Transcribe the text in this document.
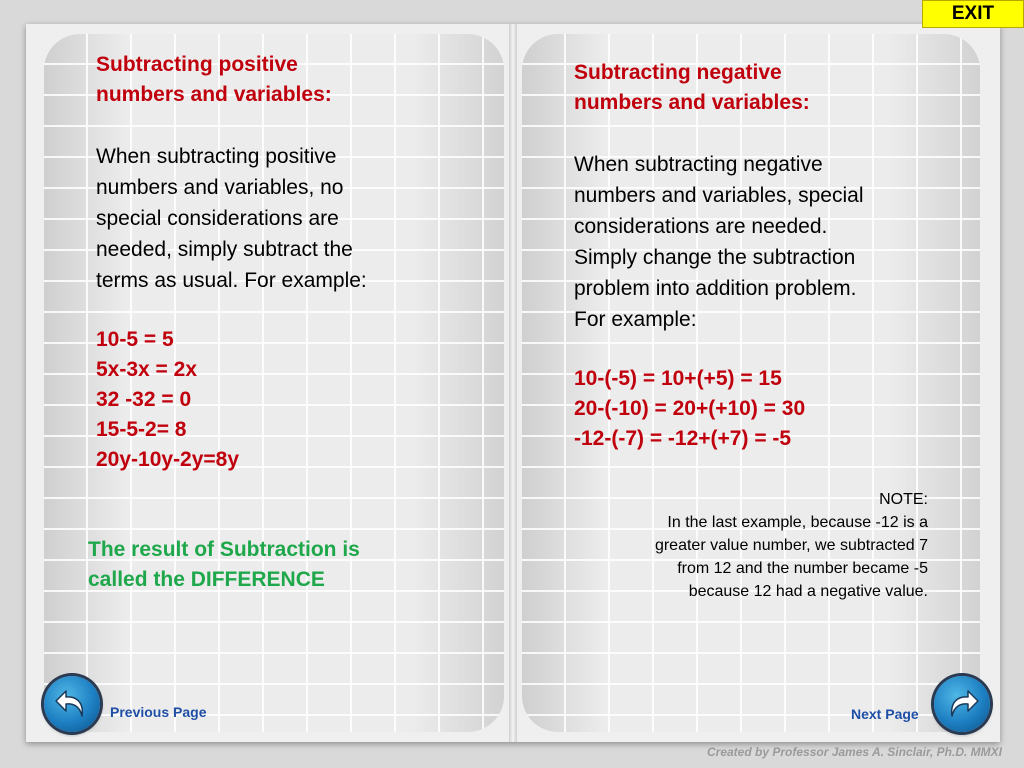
EXIT
Subtracting positive
numbers and variables:
When subtracting positive
numbers and variables, no
special considerations are
needed, simply subtract the
terms as usual. For example:
10-5 = 5
5x-3x = 2x
32 -32 = 0
15-5-2= 8
20y-10y-2y=8y
The result of Subtraction is
called the DIFFERENCE
Subtracting negative
numbers and variables:
When subtracting negative
numbers and variables, special
considerations are needed.
Simply change the subtraction
problem into addition problem.
For example:
10-(-5) = 10+(+5) = 15
20-(-10) = 20+(+10) = 30
-12-(-7) = -12+(+7) = -5
NOTE:
In the last example, because -12 is a
greater value number, we subtracted 7
from 12 and the number became -5
because 12 had a negative value.
Previous Page	Next Page
Created by Professor James A. Sinclair, Ph.D. MMXI
